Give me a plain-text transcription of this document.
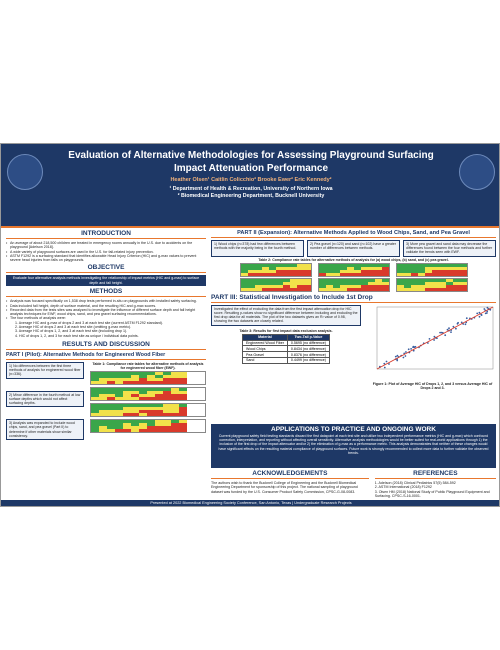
Evaluation of Alternative Methodologies for Assessing Playground Surfacing Impact Attenuation Performance
Heather Olsen¹ Caitlin Colicchio² Brooke Ewer² Eric Kennedy²
¹ Department of Health & Recreation, University of Northern Iowa
² Biomedical Engineering Department, Bucknell University
INTRODUCTION
• An average of about 218,500 children are treated in emergency rooms annually in the U.S. due to accidents on the playground [Adelson 2018].
• A wide variety of playground surfaces are used in the U.S. for fall-related injury prevention.
• ASTM F1292 is a surfacing standard that identifies allowable Head Injury Criterion (HIC) and g-max values to prevent severe head injuries from falls on playgrounds.
OBJECTIVE
Evaluate four alternative analysis methods investigating the relationship of impact metrics (HIC and g-max) to surface depth and fall height.
METHODS
• Analysis was focused specifically on 1,538 drop tests performed in-situ on playgrounds with installed safety surfacing.
• Data included fall height, depth of surface material, and the resulting HIC and g-max scores.
• Recorded data from the tests sites was analyzed to investigate the influence of different surface depth and fall height analysis techniques for EWF, wood chips, sand, and pea gravel surfacing recommendations.
• The four methods of analysis were:
1. Average HIC and g-max of drops 2 and 3 at each test site (current ASTM F1292 standard).
2. Average HIC of drops 2 and 3 at each test site (omitting g-max metric).
3. Average HIC of drops 1, 2, and 3 at each test site (including drop 1).
4. HIC of drops 1, 2, and 3 for each test site as unique / individual data points.
RESULTS AND DISCUSSION
PART I (Pilot): Alternative Methods for Engineered Wood Fiber
1) No differences between the first three methods of analysis for engineered wood fiber (n=336).
2) Minor difference in the fourth method at low surface depths which would not affect surfacing depths.
3) Analysis was expanded to include wood chips, sand, and pea gravel (Part II) to determine if other materials show similar consistency.
Table 1: Compliance rate tables for alternative methods of analysis for engineered wood fiber (EWF).
PART II (Expansion): Alternative Methods Applied to Wood Chips, Sand, and Pea Gravel
1) Wood chips (n=378) had few differences between methods with the majority being in the fourth method.
2) Pea gravel (n=120) and sand (n=102) have a greater number of differences between methods.
3) More pea gravel and sand data may decrease the differences found between the four methods and further validate the trends seen with EWF.
Table 2: Compliance rate tables for alternative methods of analysis for (a) wood chips, (b) sand, and (c) pea gravel.
PART III: Statistical Investigation to Include 1st Drop
Investigated the effect of excluding the data from the first impact attenuation drop for HIC score. Resulting p-values show no significant difference between including and excluding the first drop data for all materials. The plot of the two datasets gives an R² value of 0.98, showing the two datasets are closely related.
Table 3: Results for first impact data exclusion analysis.
Material	Two-Tail p-Value
Engineered Wood Fiber	0.5695 (no difference)
Wood Chips	0.8434 (no difference)
Pea Gravel	0.8376 (no difference)
Sand	0.4499 (no difference)
Figure 1: Plot of Average HIC of Drops 1, 2, and 3 versus Average HIC of Drops 2 and 3.
APPLICATIONS TO PRACTICE AND ONGOING WORK
Current playground safety field testing standards discard the first datapoint at each test site and utilize two independent performance metrics (HIC and g-max) which confound correction, interpretation, and reporting without affecting overall sensitivity. Alternative analysis methodologies would be better suited for real-world applications through 1) the inclusion of the first drop of the impact attenuator and/or 2) the elimination of g-max as a performance metric. This analysis demonstrates that neither of these changes would have significant effects on the resulting material compliance of playground surfaces. Future work is strongly recommended to collect more data to further validate the observed trends.
ACKNOWLEDGEMENTS
The authors wish to thank the Bucknell College of Engineering and the Bucknell Biomedical Engineering Department for sponsorship of this project. The national sampling of playground dataset was funded by the U.S. Consumer Product Safety Commission, CPSC-G-08-0083.
REFERENCES
1. Adelson (2018) Clinical Pediatrics 57(5) 584-592
2. ASTM International (2018) F1292
3. Olsen HM (2018) National Study of Public Playground Equipment and Surfacing. CPSC-S-16-0001.
Presented at 2022 Biomedical Engineering Society Conference, San Antonio, Texas | Undergraduate Research Projects
